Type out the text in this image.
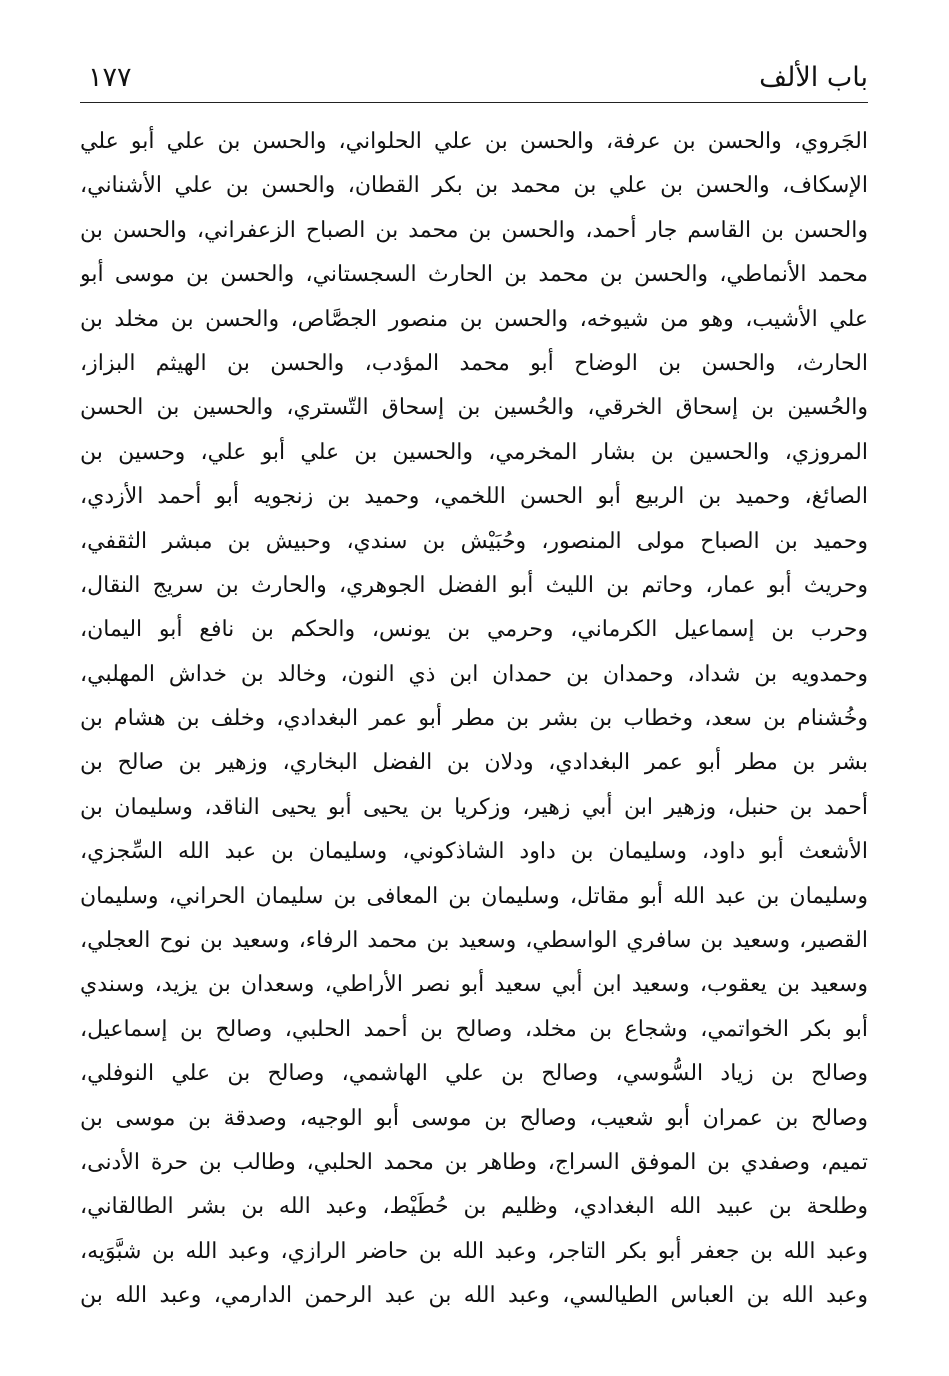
باب الألف
١٧٧
الجَروي، والحسن بن عرفة، والحسن بن علي الحلواني، والحسن بن علي أبو علي
الإسكاف، والحسن بن علي بن محمد بن بكر القطان، والحسن بن علي الأشناني،
والحسن بن القاسم جار أحمد، والحسن بن محمد بن الصباح الزعفراني، والحسن بن
محمد الأنماطي، والحسن بن محمد بن الحارث السجستاني، والحسن بن موسى أبو
علي الأشيب، وهو من شيوخه، والحسن بن منصور الجصَّاص، والحسن بن مخلد بن
الحارث، والحسن بن الوضاح أبو محمد المؤدب، والحسن بن الهيثم البزاز،
والحُسين بن إسحاق الخرقي، والحُسين بن إسحاق التّستري، والحسين بن الحسن
المروزي، والحسين بن بشار المخرمي، والحسين بن علي أبو علي، وحسين بن
الصائغ، وحميد بن الربيع أبو الحسن اللخمي، وحميد بن زنجويه أبو أحمد الأزدي،
وحميد بن الصباح مولى المنصور، وحُبَيْش بن سندي، وحبيش بن مبشر الثقفي،
وحريث أبو عمار، وحاتم بن الليث أبو الفضل الجوهري، والحارث بن سريج النقال،
وحرب بن إسماعيل الكرماني، وحرمي بن يونس، والحكم بن نافع أبو اليمان،
وحمدويه بن شداد، وحمدان بن حمدان ابن ذي النون، وخالد بن خداش المهلبي،
وخُشنام بن سعد، وخطاب بن بشر بن مطر أبو عمر البغدادي، وخلف بن هشام بن
بشر بن مطر أبو عمر البغدادي، ودلان بن الفضل البخاري، وزهير بن صالح بن
أحمد بن حنبل، وزهير ابن أبي زهير، وزكريا بن يحيى أبو يحيى الناقد، وسليمان بن
الأشعث أبو داود، وسليمان بن داود الشاذكوني، وسليمان بن عبد الله السِّجزي،
وسليمان بن عبد الله أبو مقاتل، وسليمان بن المعافى بن سليمان الحراني، وسليمان
القصير، وسعيد بن سافري الواسطي، وسعيد بن محمد الرفاء، وسعيد بن نوح العجلي،
وسعيد بن يعقوب، وسعيد ابن أبي سعيد أبو نصر الأراطي، وسعدان بن يزيد، وسندي
أبو بكر الخواتمي، وشجاع بن مخلد، وصالح بن أحمد الحلبي، وصالح بن إسماعيل،
وصالح بن زياد السُّوسي، وصالح بن علي الهاشمي، وصالح بن علي النوفلي،
وصالح بن عمران أبو شعيب، وصالح بن موسى أبو الوجيه، وصدقة بن موسى بن
تميم، وصفدي بن الموفق السراج، وطاهر بن محمد الحلبي، وطالب بن حرة الأدنى،
وطلحة بن عبيد الله البغدادي، وظليم بن حُطَيْط، وعبد الله بن بشر الطالقاني،
وعبد الله بن جعفر أبو بكر التاجر، وعبد الله بن حاضر الرازي، وعبد الله بن شبَّوَيه،
وعبد الله بن العباس الطيالسي، وعبد الله بن عبد الرحمن الدارمي، وعبد الله بن
